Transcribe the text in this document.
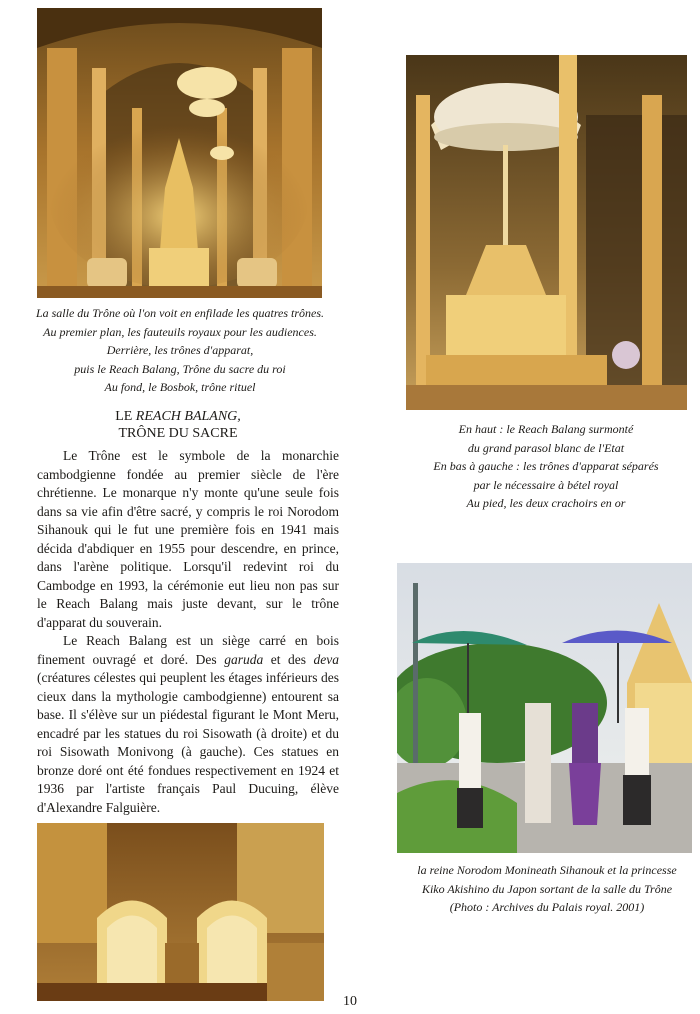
La salle du Trône où l'on voit en enfilade les quatres trônes.
Au premier plan, les fauteuils royaux pour les audiences.
Derrière, les trônes d'apparat,
puis le Reach Balang, Trône du sacre du roi
Au fond, le Bosbok, trône rituel
LE REACH BALANG,
TRÔNE DU SACRE

Le Trône est le symbole de la monarchie cambodgienne fondée au premier siècle de l'ère chrétienne. Le monarque n'y monte qu'une seule fois dans sa vie afin d'être sacré, y compris le roi Norodom Sihanouk qui le fut une première fois en 1941 mais décida d'abdiquer en 1955 pour descendre, en prince, dans l'arène politique. Lorsqu'il redevint roi du Cambodge en 1993, la cérémonie eut lieu non pas sur le Reach Balang mais juste devant, sur le trône d'apparat du souverain.

Le Reach Balang est un siège carré en bois finement ouvragé et doré. Des garuda et des deva (créatures célestes qui peuplent les étages inférieurs des cieux dans la mythologie cambodgienne) entourent sa base. Il s'élève sur un piédestal figurant le Mont Meru, encadré par les statues du roi Sisowath (à droite) et du roi Sisowath Monivong (à gauche). Ces statues en bronze doré ont été fondues respectivement en 1924 et 1936 par l'artiste français Paul Ducuing, élève d'Alexandre Falguière.

En haut : le Reach Balang surmonté
du grand parasol blanc de l'Etat
En bas à gauche : les trônes d'apparat séparés
par le nécessaire à bétel royal
Au pied, les deux crachoirs en or
la reine Norodom Monineath Sihanouk et la princesse
Kiko Akishino du Japon sortant de la salle du Trône
(Photo : Archives du Palais royal. 2001)
10
